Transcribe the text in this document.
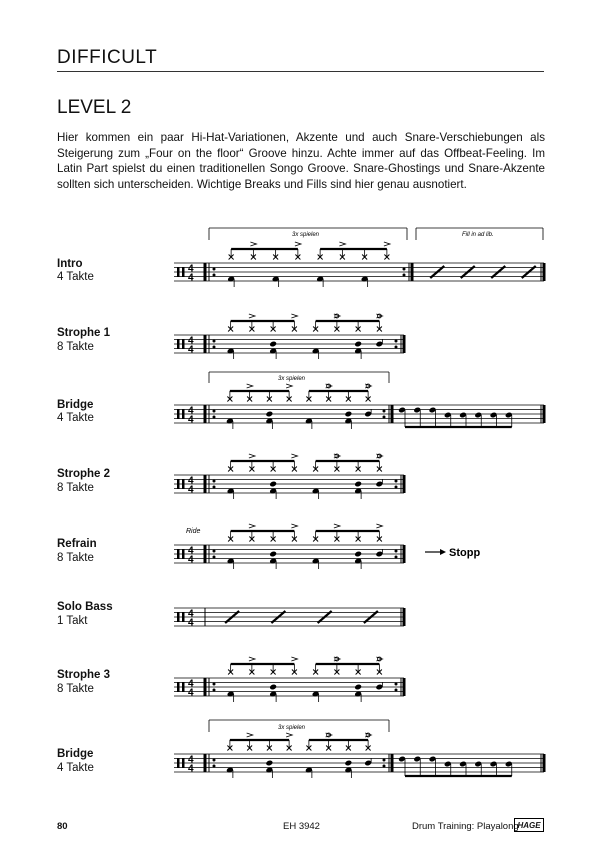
DIFFICULT
LEVEL 2
Hier kommen ein paar Hi-Hat-Variationen, Akzente und auch Snare-Verschiebungen als Steigerung zum „Four on the floor“ Groove hinzu. Achte immer auf das Offbeat-Feeling. Im Latin Part spielst du einen traditionellen Songo Groove. Snare-Ghostings und Snare-Akzente sollten sich unterscheiden. Wichtige Breaks und Fills sind hier genau ausnotiert.
Intro
4 Takte
Strophe 1
8 Takte
Bridge
4 Takte
Strophe 2
8 Takte
Refrain
8 Takte
Solo Bass
1 Takt
Strophe 3
8 Takte
Bridge
4 Takte
3x spielen	Fill in ad lib.
4
4
4
4
3x spielen
4
4
4
4
Ride
4
4
Stopp
4
4
4
4
3x spielen
4
4
80	EH 3942	Drum Training: Playalong
HAGE
